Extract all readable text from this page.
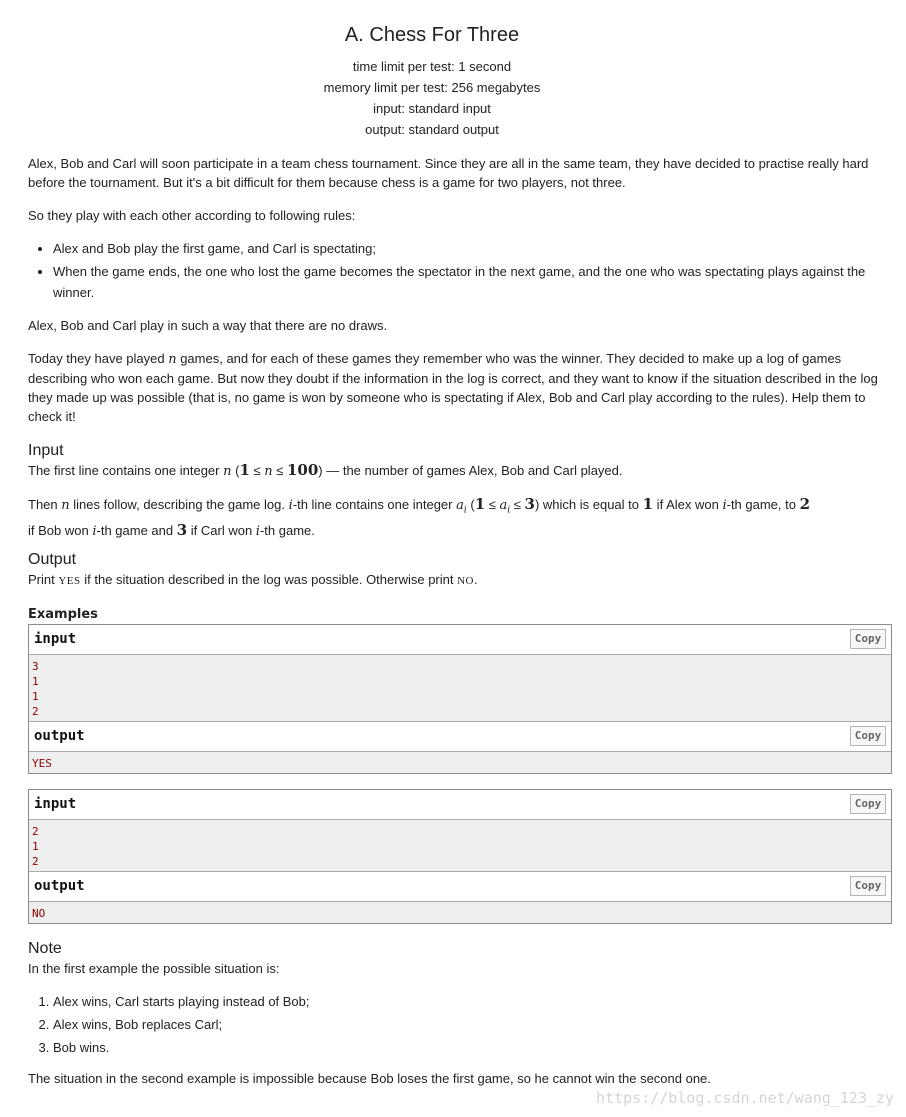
A. Chess For Three
time limit per test: 1 second
memory limit per test: 256 megabytes
input: standard input
output: standard output
Alex, Bob and Carl will soon participate in a team chess tournament. Since they are all in the same team, they have decided to practise really hard before the tournament. But it's a bit difficult for them because chess is a game for two players, not three.
So they play with each other according to following rules:
• Alex and Bob play the first game, and Carl is spectating;
• When the game ends, the one who lost the game becomes the spectator in the next game, and the one who was spectating plays against the winner.
Alex, Bob and Carl play in such a way that there are no draws.
Today they have played n games, and for each of these games they remember who was the winner. They decided to make up a log of games describing who won each game. But now they doubt if the information in the log is correct, and they want to know if the situation described in the log they made up was possible (that is, no game is won by someone who is spectating if Alex, Bob and Carl play according to the rules). Help them to check it!
Input
The first line contains one integer n (1 ≤ n ≤ 100) — the number of games Alex, Bob and Carl played.
Then n lines follow, describing the game log. i-th line contains one integer $a_i$ $(1 \le a_i \le 3)$ which is equal to 1 if Alex won i-th game, to 2
if Bob won i-th game and 3 if Carl won i-th game.
Output
Print YES if the situation described in the log was possible. Otherwise print NO.
Examples
input	Copy
3
1
1
2
output	Copy
YES
input	Copy
2
1
2
output	Copy
NO
Note
In the first example the possible situation is:
1. Alex wins, Carl starts playing instead of Bob;
2. Alex wins, Bob replaces Carl;
3. Bob wins.
The situation in the second example is impossible because Bob loses the first game, so he cannot win the second one.
https://blog.csdn.net/wang_123_zy
